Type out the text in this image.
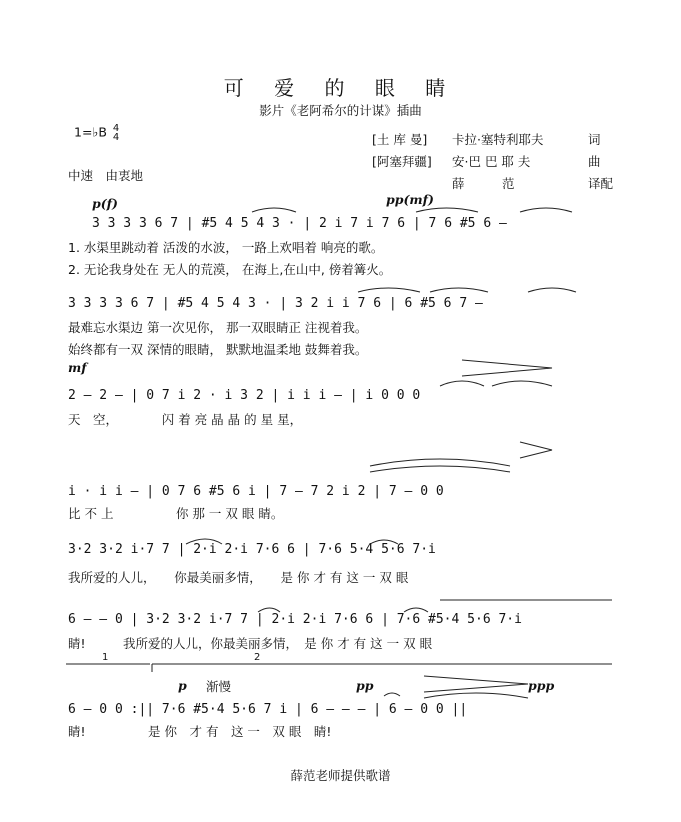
可 爱 的 眼 睛
影片《老阿希尔的计谋》插曲
1=♭B 4
4
中速　由衷地
[土 库 曼] 卡拉·塞特利耶夫	词
[阿塞拜疆] 安·巴 巴 耶 夫	曲
薛　　　范	译配
p(f)	pp(mf)
3 3 3 3 6 7 | #5 4 5 4 3 · | 2 i 7 i 7 6 | 7 6 #5 6 –
1. 水渠里跳动着 活泼的水波， 一路上欢唱着 响亮的歌。
2. 无论我身处在 无人的荒漠， 在海上,在山中, 傍着篝火。
3 3 3 3 6 7 | #5 4 5 4 3 · | 3 2 i i 7 6 | 6 #5 6 7 –
最难忘水渠边 第一次见你， 那一双眼睛正 注视着我。
始终都有一双 深情的眼睛， 默默地温柔地 鼓舞着我。
mf
2 – 2 – | 0 7 i 2 · i 3 2 | i i i – | i 0 0 0
天　空，　　　　闪 着 亮 晶 晶 的 星 星，
i · i i – | 0 7 6 #5 6 i | 7 – 7 2 i 2 | 7 – 0 0
比 不 上　　　　　你 那 一 双 眼 睛。
3·2 3·2 i·7 7 | 2·i 2·i 7·6 6 | 7·6 5·4 5·6 7·i
我所爱的人儿，　　你最美丽多情，　　是 你 才 有 这 一 双 眼
6 – – 0 | 3·2 3·2 i·7 7 | 2·i 2·i 7·6 6 | 7·6 #5·4 5·6 7·i
睛!　　　我所爱的人儿，你最美丽多情，　是 你 才 有 这 一 双 眼
1	2
p 渐慢	pp	ppp
6 – 0 0 :|| 7·6 #5·4 5·6 7 i | 6 – – – | 6 – 0 0 ||
睛!　　　　　是 你　才 有　这 一　双 眼　睛!
薛范老师提供歌谱
